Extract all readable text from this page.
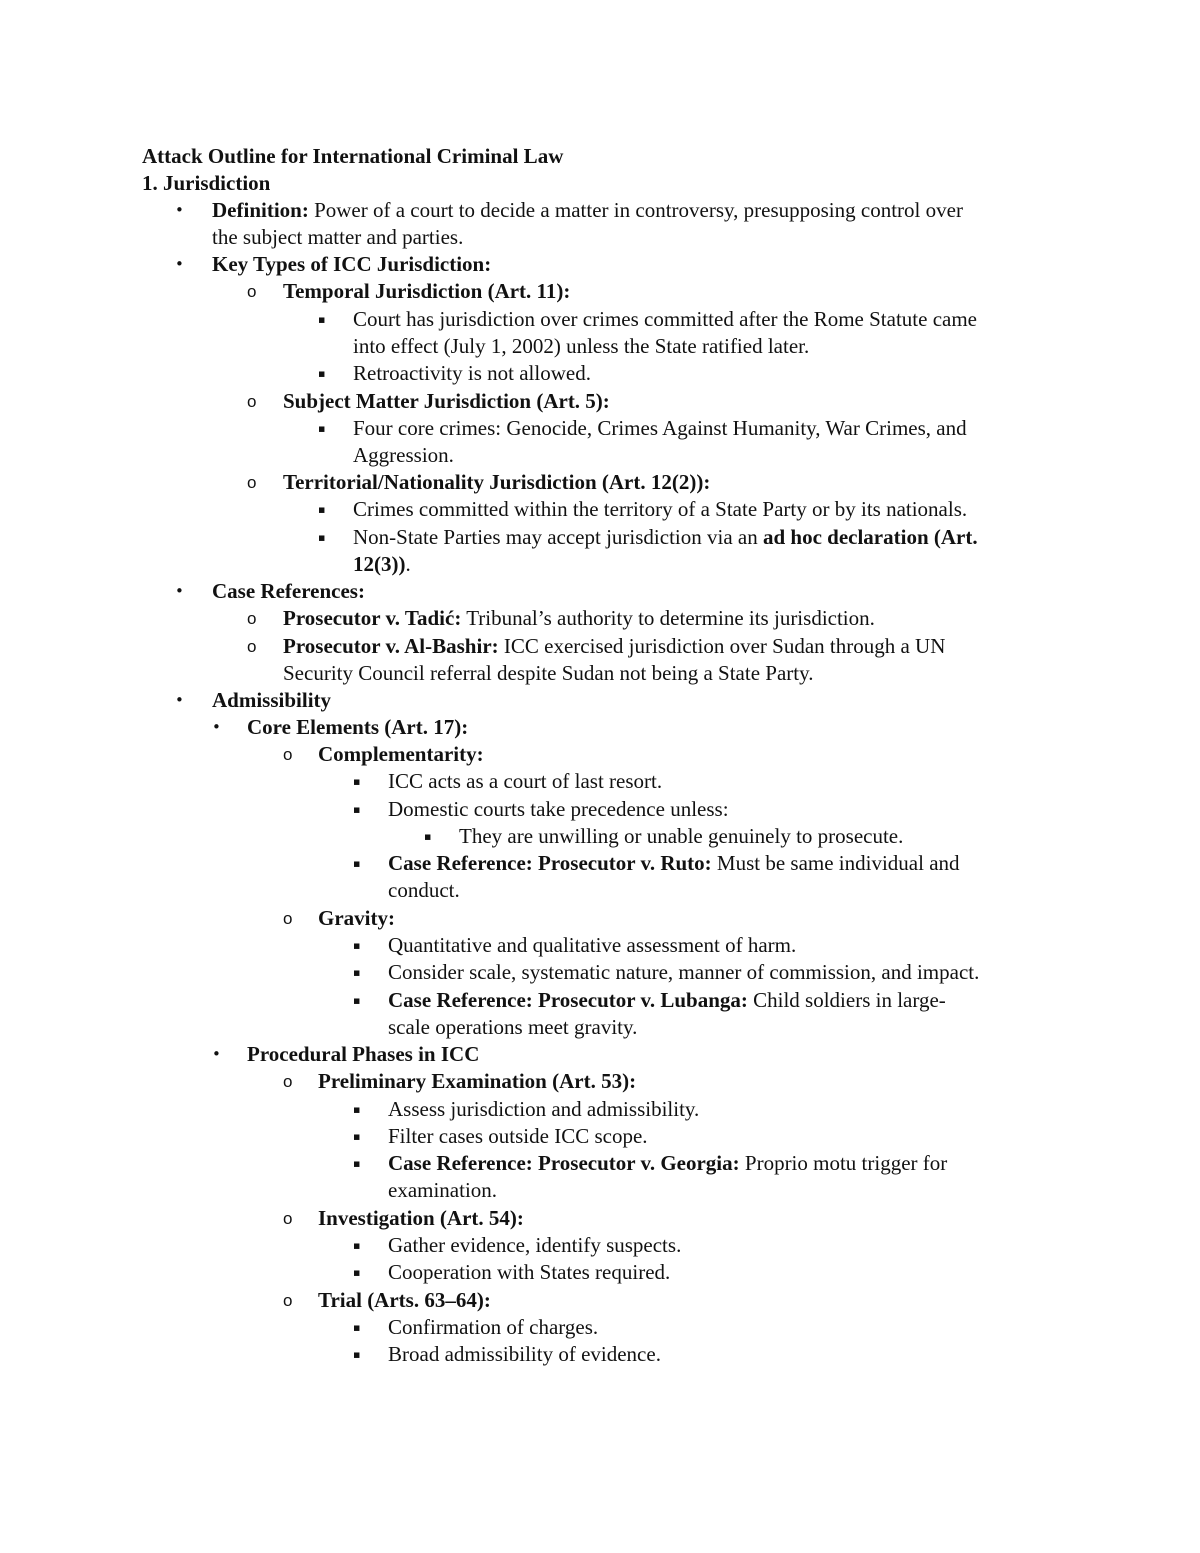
Attack Outline for International Criminal Law
1. Jurisdiction
• Definition: Power of a court to decide a matter in controversy, presupposing control over
the subject matter and parties.
• Key Types of ICC Jurisdiction:
o Temporal Jurisdiction (Art. 11):
▪ Court has jurisdiction over crimes committed after the Rome Statute came
into effect (July 1, 2002) unless the State ratified later.
▪ Retroactivity is not allowed.
o Subject Matter Jurisdiction (Art. 5):
▪ Four core crimes: Genocide, Crimes Against Humanity, War Crimes, and
Aggression.
o Territorial/Nationality Jurisdiction (Art. 12(2)):
▪ Crimes committed within the territory of a State Party or by its nationals.
▪ Non-State Parties may accept jurisdiction via an ad hoc declaration (Art.
12(3)).
• Case References:
o Prosecutor v. Tadić: Tribunal’s authority to determine its jurisdiction.
o Prosecutor v. Al-Bashir: ICC exercised jurisdiction over Sudan through a UN
Security Council referral despite Sudan not being a State Party.
• Admissibility
• Core Elements (Art. 17):
o Complementarity:
▪ ICC acts as a court of last resort.
▪ Domestic courts take precedence unless:
▪ They are unwilling or unable genuinely to prosecute.
▪ Case Reference: Prosecutor v. Ruto: Must be same individual and
conduct.
o Gravity:
▪ Quantitative and qualitative assessment of harm.
▪ Consider scale, systematic nature, manner of commission, and impact.
▪ Case Reference: Prosecutor v. Lubanga: Child soldiers in large-
scale operations meet gravity.
• Procedural Phases in ICC
o Preliminary Examination (Art. 53):
▪ Assess jurisdiction and admissibility.
▪ Filter cases outside ICC scope.
▪ Case Reference: Prosecutor v. Georgia: Proprio motu trigger for
examination.
o Investigation (Art. 54):
▪ Gather evidence, identify suspects.
▪ Cooperation with States required.
o Trial (Arts. 63–64):
▪ Confirmation of charges.
▪ Broad admissibility of evidence.
